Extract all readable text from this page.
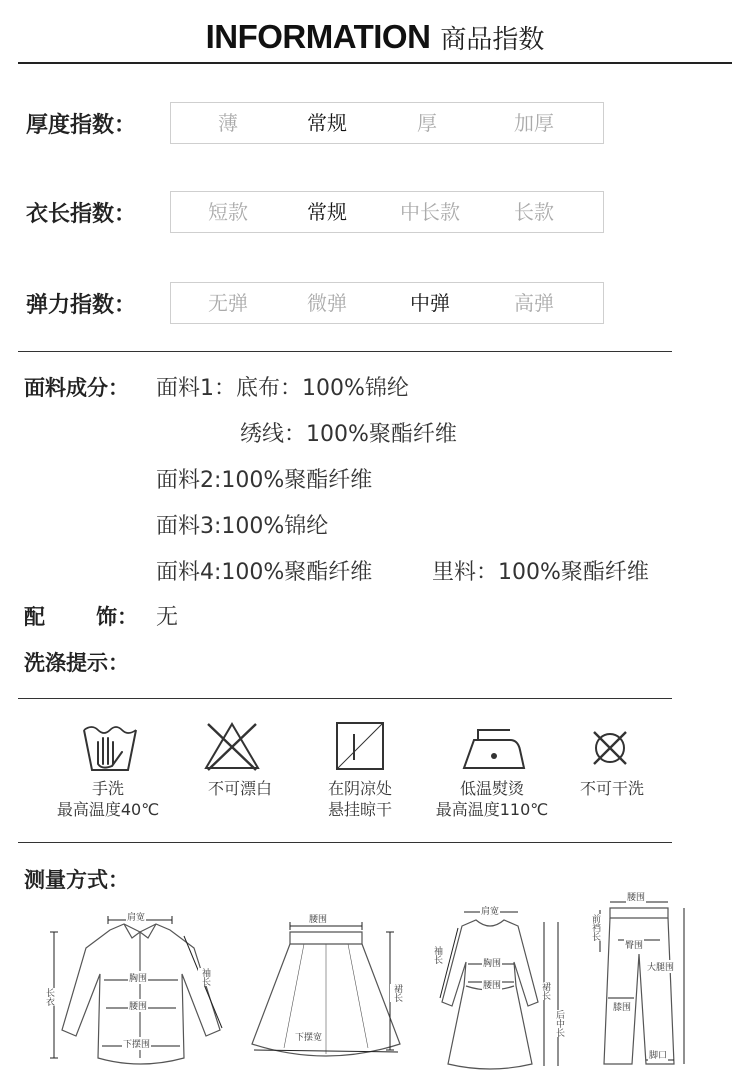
INFORMATION 商品指数
厚度指数：	薄	常规	厚	加厚
衣长指数：	短款	常规	中长款	长款
弹力指数：	无弹	微弹	中弹	高弹
面料成分： 面料1：底布：100%锦纶
绣线：100%聚酯纤维
面料2:100%聚酯纤维
面料3:100%锦纶
面料4:100%聚酯纤维	里料：100%聚酯纤维
配 饰： 无
洗涤提示：
手洗
最高温度40℃
不可漂白	在阴凉处
悬挂晾干
低温熨烫
最高温度110℃
不可干洗
测量方式：
肩宽
胸围
腰围
下摆围
长衣
袖长
腰围
下摆宽
裙长
肩宽
袖长	胸围
腰围	裙长
后中长
腰围
前裆长
臀围
大腿围
膝围
脚口
